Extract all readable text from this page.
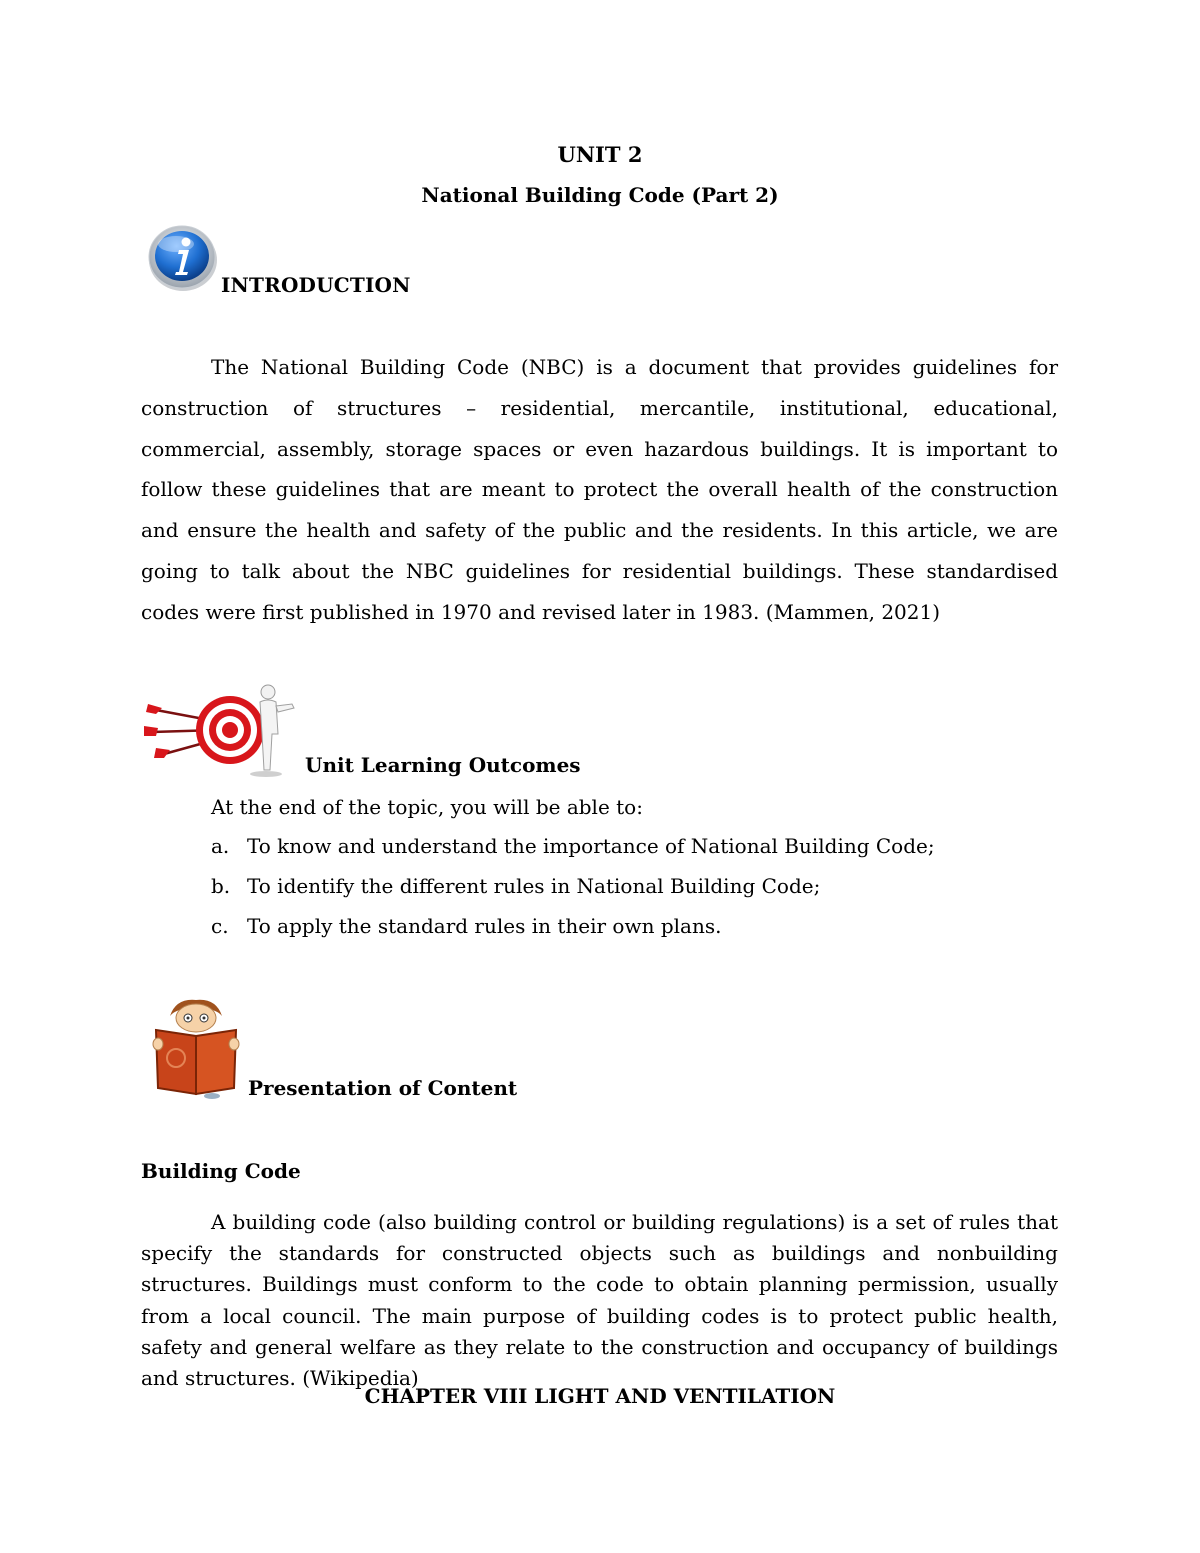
UNIT 2
National Building Code (Part 2)
INTRODUCTION

The National Building Code (NBC) is a document that provides guidelines for construction of structures – residential, mercantile, institutional, educational, commercial, assembly, storage spaces or even hazardous buildings. It is important to follow these guidelines that are meant to protect the overall health of the construction and ensure the health and safety of the public and the residents. In this article, we are going to talk about the NBC guidelines for residential buildings. These standardised codes were first published in 1970 and revised later in 1983. (Mammen, 2021)

Unit Learning Outcomes
At the end of the topic, you will be able to:
a. To know and understand the importance of National Building Code;
b. To identify the different rules in National Building Code;
c. To apply the standard rules in their own plans.
Presentation of Content
Building Code

A building code (also building control or building regulations) is a set of rules that specify the standards for constructed objects such as buildings and nonbuilding structures. Buildings must conform to the code to obtain planning permission, usually from a local council. The main purpose of building codes is to protect public health, safety and general welfare as they relate to the construction and occupancy of buildings and structures. (Wikipedia)

CHAPTER VIII LIGHT AND VENTILATION
